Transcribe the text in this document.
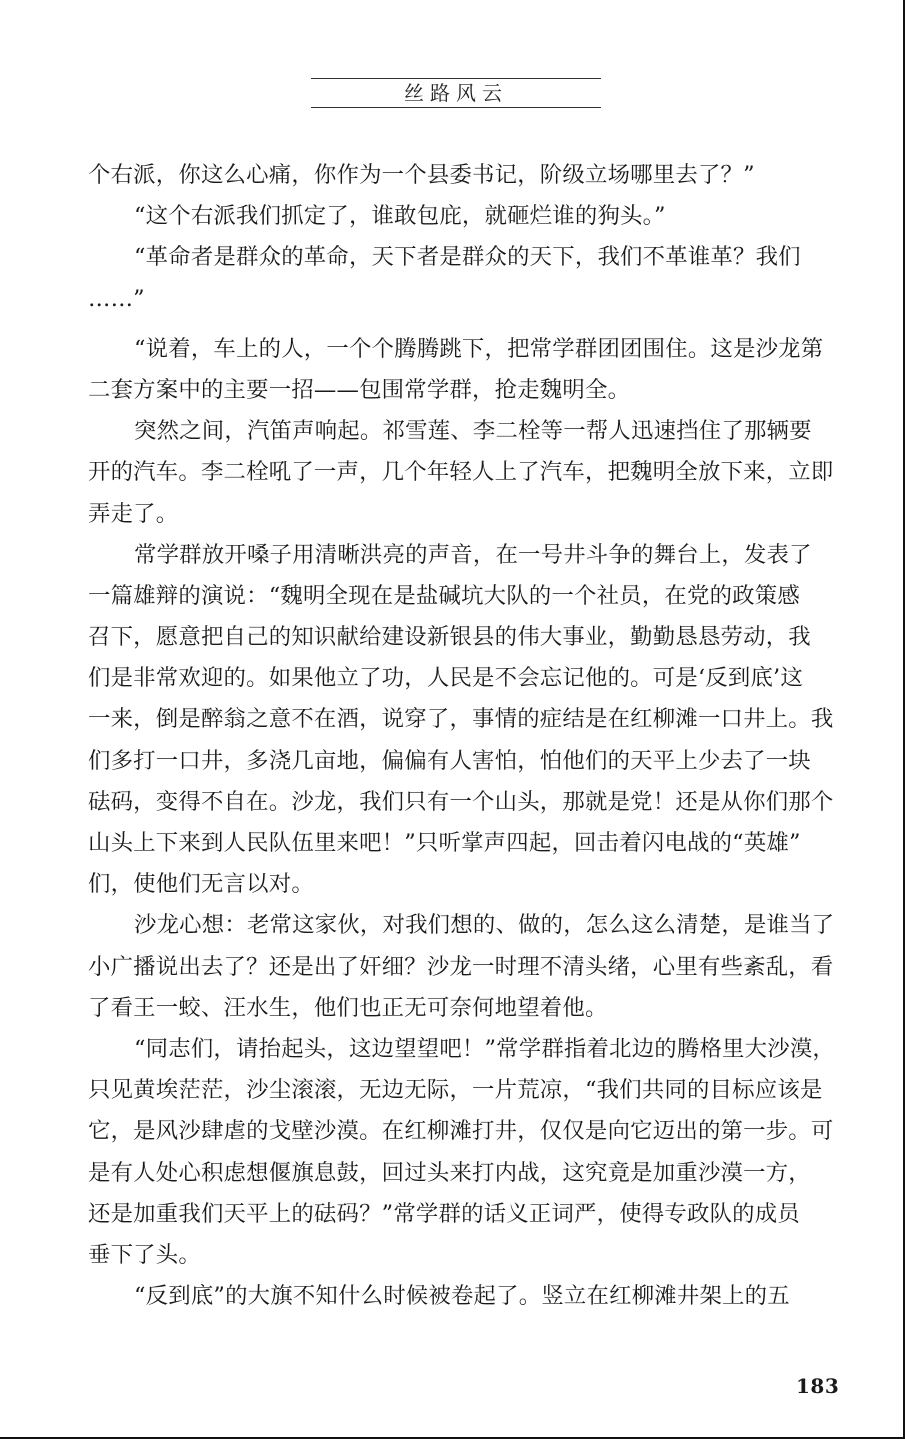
丝路风云
个右派，你这么心痛，你作为一个县委书记，阶级立场哪里去了？”
“这个右派我们抓定了，谁敢包庇，就砸烂谁的狗头。”
“革命者是群众的革命，天下者是群众的天下，我们不革谁革？我们
……”
“说着，车上的人，一个个腾腾跳下，把常学群团团围住。这是沙龙第
二套方案中的主要一招——包围常学群，抢走魏明全。
突然之间，汽笛声响起。祁雪莲、李二栓等一帮人迅速挡住了那辆要
开的汽车。李二栓吼了一声，几个年轻人上了汽车，把魏明全放下来，立即
弄走了。
常学群放开嗓子用清晰洪亮的声音，在一号井斗争的舞台上，发表了
一篇雄辩的演说：“魏明全现在是盐碱坑大队的一个社员，在党的政策感
召下，愿意把自己的知识献给建设新银县的伟大事业，勤勤恳恳劳动，我
们是非常欢迎的。如果他立了功，人民是不会忘记他的。可是‘反到底’这
一来，倒是醉翁之意不在酒，说穿了，事情的症结是在红柳滩一口井上。我
们多打一口井，多浇几亩地，偏偏有人害怕，怕他们的天平上少去了一块
砝码，变得不自在。沙龙，我们只有一个山头，那就是党！还是从你们那个
山头上下来到人民队伍里来吧！”只听掌声四起，回击着闪电战的“英雄”
们，使他们无言以对。
沙龙心想：老常这家伙，对我们想的、做的，怎么这么清楚，是谁当了
小广播说出去了？还是出了奸细？沙龙一时理不清头绪，心里有些紊乱，看
了看王一蛟、汪水生，他们也正无可奈何地望着他。
“同志们，请抬起头，这边望望吧！”常学群指着北边的腾格里大沙漠，
只见黄埃茫茫，沙尘滚滚，无边无际，一片荒凉，“我们共同的目标应该是
它，是风沙肆虐的戈壁沙漠。在红柳滩打井，仅仅是向它迈出的第一步。可
是有人处心积虑想偃旗息鼓，回过头来打内战，这究竟是加重沙漠一方，
还是加重我们天平上的砝码？”常学群的话义正词严，使得专政队的成员
垂下了头。
“反到底”的大旗不知什么时候被卷起了。竖立在红柳滩井架上的五
183
